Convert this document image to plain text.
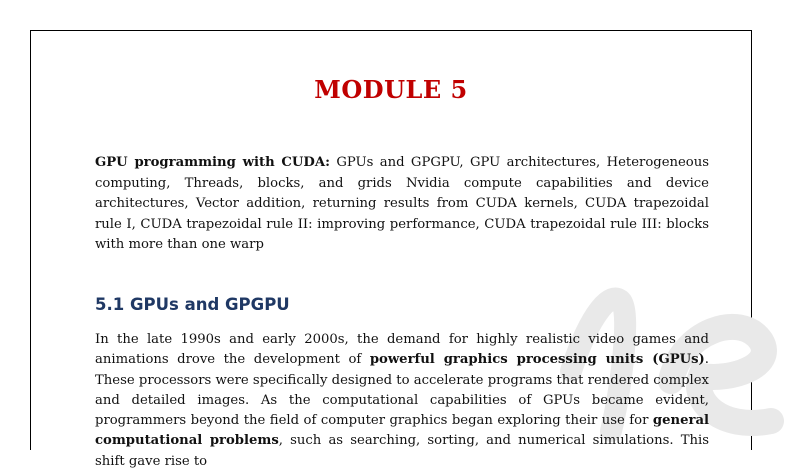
MODULE 5
GPU programming with CUDA: GPUs and GPGPU, GPU architectures, Heterogeneous computing, Threads, blocks, and grids Nvidia compute capabilities and device architectures, Vector addition, returning results from CUDA kernels, CUDA trapezoidal rule I, CUDA trapezoidal rule II: improving performance, CUDA trapezoidal rule III: blocks with more than one warp
5.1 GPUs and GPGPU
In the late 1990s and early 2000s, the demand for highly realistic video games and animations drove the development of powerful graphics processing units (GPUs). These processors were specifically designed to accelerate programs that rendered complex and detailed images. As the computational capabilities of GPUs became evident, programmers beyond the field of computer graphics began exploring their use for general computational problems, such as searching, sorting, and numerical simulations. This shift gave rise to
